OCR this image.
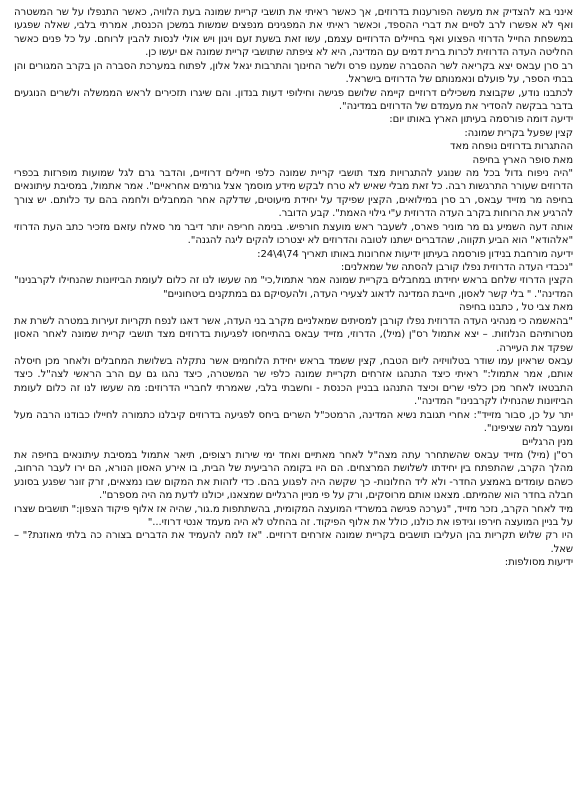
אינני בא להצדיק את מעשה הפורענות בדרוזים, אך כאשר ראיתי את תושבי קריית שמונה בעת הלוויה, כאשר התנפלו על שר המשטרה ואף לא אפשרו לרב לסיים את דברי ההספד, וכאשר ראיתי את המפגינים מנפצים שמשות במשכן הכנסת, אמרתי בלבי, שאלה שפגעו במשפחת החייל הדרוזי הפצוע ואף בחיילים הדרוזיים עצמם, עשו זאת בשעת זעם ויגון ויש אולי לנסות להבין לרוחם. על כל פנים כאשר החליטה העדה הדרוזית לכרות ברית דמים עם המדינה, היא לא ציפתה שתושבי קריית שמונה אם יעשו כן.

רב סרן עבאס יצא בקריאה לשר ההסברה שמענו פרס ולשר החינוך והתרבות יגאל אלון, לפתוח במערכת הסברה הן בקרב המגורים והן בבתי הספר, על פועלם ונאמנותם של הדרוזים בישראל.

לכתבנו נודע, שקבוצת משכילים דרוזיים קיימה שלושם פגישה וחילופי דעות בנדון. והם שיגרו תזכירים לראש הממשלה ולשרים הנוגעים בדבר בבקשה להסדיר את מעמדם של הדרוזים במדינה".

ידיעה דומה פורסמה בעיתון הארץ באותו יום:

קצין שפעל בקרית שמונה:

ההתגרות בדרוזים נופחה מאד

מאת סופר הארץ בחיפה

"היה ניפוח גדול בכל מה שנוגע להתגרויות מצד תושבי קריית שמונה כלפי חיילים דרוזיים, והדבר גרם לגל שמועות מופרזות בכפרי הדרוזים שעורר התרגשות רבה. כל זאת מבלי שאיש לא טרח לבקש מידע מוסמך אצל גורמים אחראיים". אמר אתמול, במסיבת עיתונאים בחיפה מר מזייד עבאס, רב סרן במילואים, הקצין שפיקד על יחידת מיעוטים, שדלקה אחר המחבלים ולחמה בהם עד כלותם. יש צורך להרגיע את הרוחות בקרב העדה הדרוזית ע"י גילוי האמת". קבע הדובר.

אותה דעה השמיע גם מר מוניר פארס, לשעבר ראש מועצת חורפיש. בנימה חריפה יותר דיבר מר סאלח עזאם מזכיר כתב העת הדרוזי "אלהודא" הוא הביע תקווה, שהדברים ישתנו לטובה והדרוזים לא יצטרכו להקים ליגה להגנה".

ידיעה מורחבת בנידון פורסמה בעיתון ידיעות אחרונות באותו תאריך 74\4\24:

"נכבדי העדה הדרוזית נפלו קורבן להסתה של שמאלנים:

הקצין הדרוזי שלחם בראש יחידתו במחבלים בקריית שמונה אמר אתמול,כי" מה שעשו לנו זה כלום לעומת הביזיונות שהנחילו לקרבנינו" המדינה". " בלי קשר לאסון, חייבת המדינה לדאוג לצעירי העדה, ולהעסיקם גם במתקנים ביטחוניים"

מאת צבי טל , כתבנו בחיפה

"בהאשמה כי מנהיגי העדה הדרוזית נפלו קורבן למסיתים שמאלניים מקרב בני העדה, אשר דאגו לנפח תקריות זעירות במטרה לשרת את מטרותיהם הנלוזות. – יצא אתמול רס"ן (מיל), הדרוזי, מזייד עבאס בהתייחסו לפגיעות בדרוזים מצד תושבי קריית שמונה לאחר האסון שפקד את העיירה.

עבאס שראיון עמו שודר בטלוויזיה ליום הטבח, קצין ששמד בראש יחידת הלוחמים אשר נתקלה בשלושת המחבלים ולאחר מכן חיסלה אותם, אמר אתמול:" ראיתי כיצד התנהגו אזרחים תקריית שמונה כלפי שר המשטרה, כיצד נהגו גם עם הרב הראשי לצה"ל. כיצד התבטאו לאחר מכן כלפי שרים וכיצד התנהגו בבניין הכנסת - וחשבתי בלבי, שאמרתי לחבריי הדרוזים: מה שעשו לנו זה כלום לעומת הביזיונות שהנחילו לקרבנינו" המדינה".

יתר על כן, סבור מזייד": אחרי תגובת נשיא המדינה, הרמטכ"ל השרים ביחס לפגיעה בדרוזים קיבלנו כתמורה לחיילו כבודנו הרבה מעל ומעבר למה שציפינו".

מנין הרגליים

רס"ן (מיל) מזייד עבאס שהשתחרר עתה מצה"ל לאחר מאתיים ואחד ימי שירות רצופים, תיאר אתמול במסיבת עיתונאים בחיפה את מהלך הקרב, שהתפתח בין יחידתו לשלושת המרצחים. הם היו בקומה הרביעית של הבית, בו אירע האסון הנורא, הם ירו לעבר הרחוב, כשהם עומדים באמצע החדר- ולא ליד החלונות- כך שקשה היה לפגוע בהם. כדי לזהות את המקום שבו נמצאים, זרק זונר שפגע בסונע חבלה בחדר הוא שהמיתם. מצאנו אותם מרוסקים, ורק על פי מניין הרגליים שמצאנו, יכולנו לדעת מה היה מספרם".

מיד לאחר הקרב, נזכר מזייד, "נערכה פגישה במשרדי המועצה המקומית, בהשתתפות מ.גור, שהיה אז אלוף פיקוד הצפון:" תושבים שצרו על בניין המועצה חירפו וגידפו את כולנו, כולל את אלוף הפיקוד. זה בהחלט לא היה מעמד אנטי דרוזי..."

היו רק שלוש תקריות בהן העליבו תושבים בקריית שמונה אזרחים דרוזיים. "אז למה להעמיד את הדברים בצורה כה בלתי מאוזנת?" – שאל.

ידיעות מסולפות:
